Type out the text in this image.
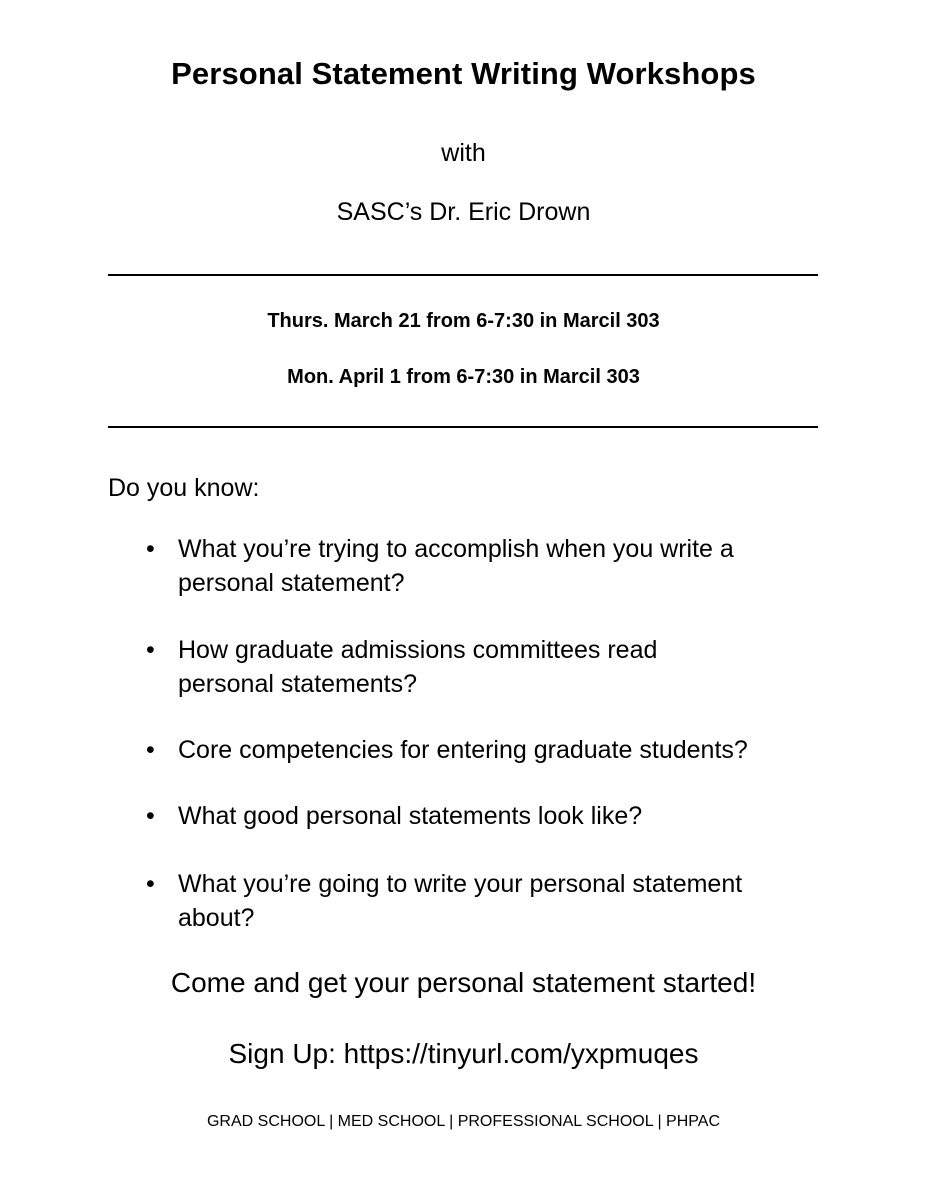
Personal Statement Writing Workshops
with
SASC’s Dr. Eric Drown
Thurs. March 21 from 6-7:30 in Marcil 303
Mon. April 1 from 6-7:30 in Marcil 303
Do you know:
• What you’re trying to accomplish when you write a
personal statement?
• How graduate admissions committees read
personal statements?
• Core competencies for entering graduate students?
• What good personal statements look like?
• What you’re going to write your personal statement
about?
Come and get your personal statement started!
Sign Up: https://tinyurl.com/yxpmuqes
GRAD SCHOOL | MED SCHOOL | PROFESSIONAL SCHOOL | PHPAC
